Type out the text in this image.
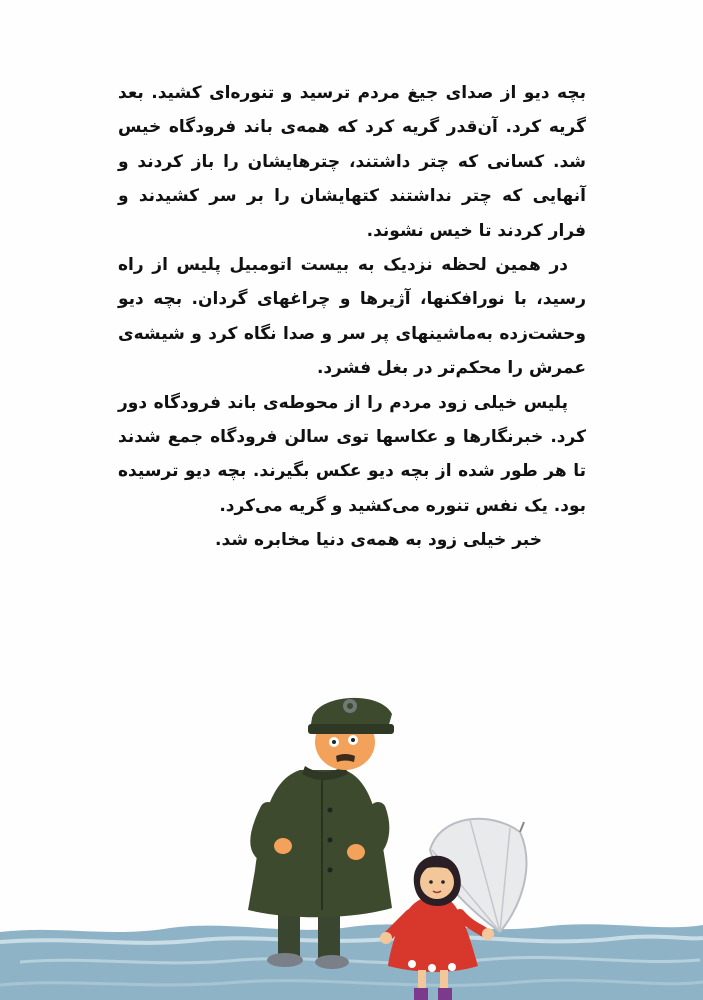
بچه دیو از صدای جیغ مردم ترسید و تنوره‌ای کشید. بعد گریه کرد. آن‌قدر گریه کرد که همه‌ی باند فرودگاه خیس شد. کسانی که چتر داشتند، چترهایشان را باز کردند و آنهایی که چتر نداشتند کتهایشان را بر سر کشیدند و فرار کردند تا خیس نشوند.

در همین لحظه نزدیک به بیست اتومبیل پلیس از راه رسید، با نورافکنها، آژیرها و چراغهای گردان. بچه دیو وحشت‌زده به‌ماشینهای پر سر و صدا نگاه کرد و شیشه‌ی عمرش را محکم‌تر در بغل فشرد.

پلیس خیلی زود مردم را از محوطه‌ی باند فرودگاه دور کرد. خبرنگارها و عکاسها توی سالن فرودگاه جمع شدند تا هر طور شده از بچه دیو عکس بگیرند. بچه دیو ترسیده بود. یک نفس تنوره می‌کشید و گریه می‌کرد.

خبر خیلی زود به همه‌ی دنیا مخابره شد.
